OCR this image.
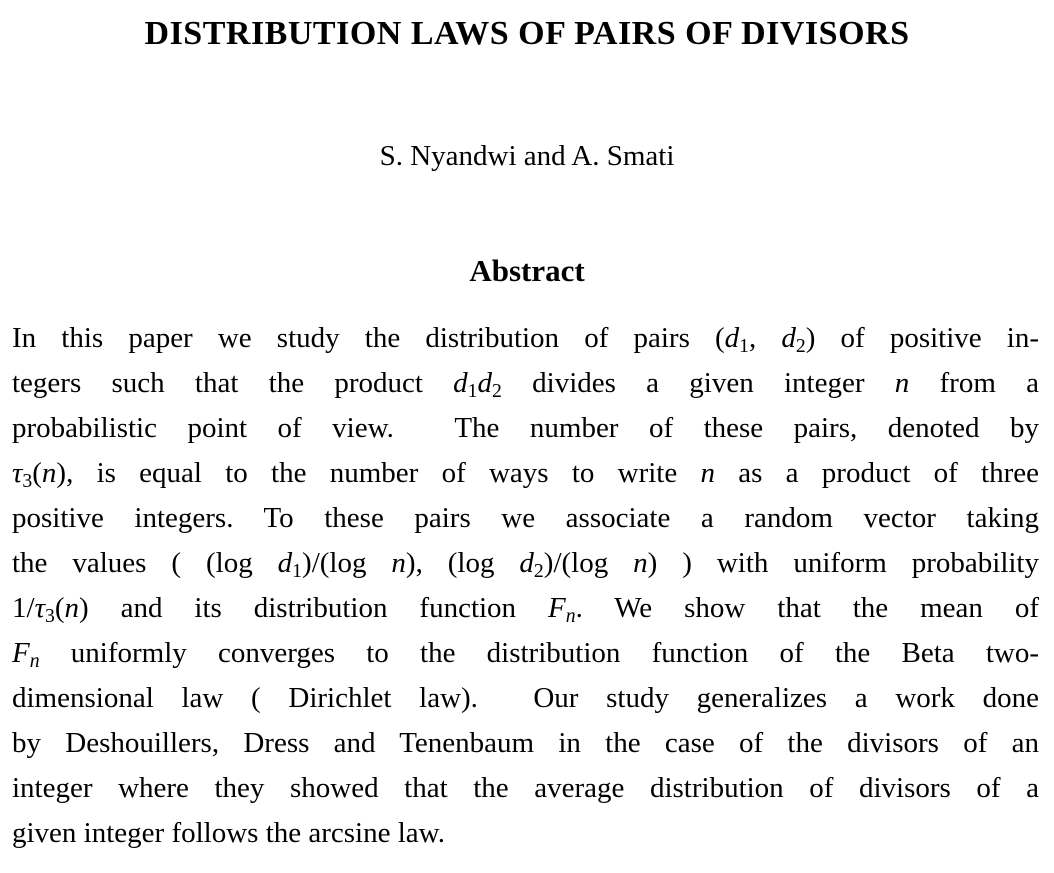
DISTRIBUTION LAWS OF PAIRS OF DIVISORS
S. Nyandwi and A. Smati
Abstract
In this paper we study the distribution of pairs ($d_1$, $d_2$) of positive in-
tegers such that the product $d_1d_2$ divides a given integer n from a
probabilistic point of view.  The number of these pairs, denoted by
$\tau_3(n)$, is equal to the number of ways to write n as a product of three
positive integers. To these pairs we associate a random vector taking
the values ( (log $d_1)/(\log$ n), (log $d_2)/(\log$ n) ) with uniform probability
$1/\tau_3(n)$ and its distribution function $F_n$. We show that the mean of
$F_n$ uniformly converges to the distribution function of the Beta two-
dimensional law ( Dirichlet law).  Our study generalizes a work done
by Deshouillers, Dress and Tenenbaum in the case of the divisors of an
integer where they showed that the average distribution of divisors of a
given integer follows the arcsine law.
